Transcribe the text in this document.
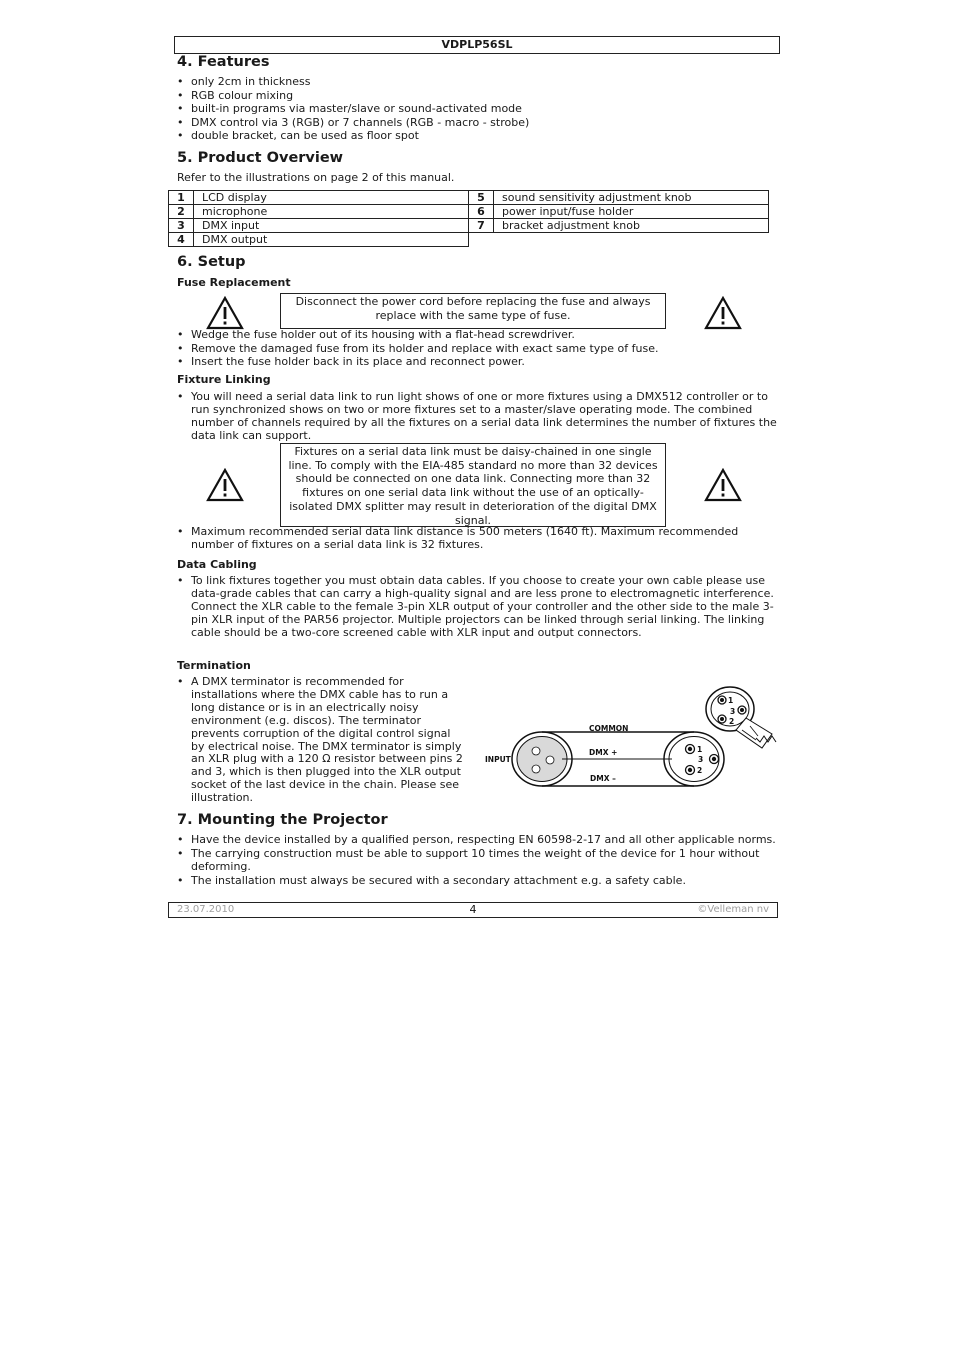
VDPLP56SL
4. Features
• only 2cm in thickness
• RGB colour mixing
• built-in programs via master/slave or sound-activated mode
• DMX control via 3 (RGB) or 7 channels (RGB - macro - strobe)
• double bracket, can be used as floor spot
5. Product Overview
Refer to the illustrations on page 2 of this manual.
1	LCD display	5	sound sensitivity adjustment knob
2	microphone	6	power input/fuse holder
3	DMX input	7	bracket adjustment knob
4	DMX output		
6. Setup
Fuse Replacement
Disconnect the power cord before replacing the fuse and always replace with the same type of fuse.
• Wedge the fuse holder out of its housing with a flat-head screwdriver.
• Remove the damaged fuse from its holder and replace with exact same type of fuse.
• Insert the fuse holder back in its place and reconnect power.
Fixture Linking
• You will need a serial data link to run light shows of one or more fixtures using a DMX512 controller or to run synchronized shows on two or more fixtures set to a master/slave operating mode. The combined number of channels required by all the fixtures on a serial data link determines the number of fixtures the data link can support.
Fixtures on a serial data link must be daisy-chained in one single line. To comply with the EIA-485 standard no more than 32 devices should be connected on one data link. Connecting more than 32 fixtures on one serial data link without the use of an optically-isolated DMX splitter may result in deterioration of the digital DMX signal.
• Maximum recommended serial data link distance is 500 meters (1640 ft). Maximum recommended number of fixtures on a serial data link is 32 fixtures.
Data Cabling
• To link fixtures together you must obtain data cables. If you choose to create your own cable please use data-grade cables that can carry a high-quality signal and are less prone to electromagnetic interference. Connect the XLR cable to the female 3-pin XLR output of your controller and the other side to the male 3-pin XLR input of the PAR56 projector. Multiple projectors can be linked through serial linking. The linking cable should be a two-core screened cable with XLR input and output connectors.
Termination
• A DMX terminator is recommended for installations where the DMX cable has to run a long distance or is in an electrically noisy environment (e.g. discos). The terminator prevents corruption of the digital control signal by electrical noise. The DMX terminator is simply an XLR plug with a 120 Ω resistor between pins 2 and 3, which is then plugged into the XLR output socket of the last device in the chain. Please see illustration.
INPUT
COMMON
DMX +
DMX –
1
2
3
1
2
3
7. Mounting the Projector
• Have the device installed by a qualified person, respecting EN 60598-2-17 and all other applicable norms.
• The carrying construction must be able to support 10 times the weight of the device for 1 hour without deforming.
• The installation must always be secured with a secondary attachment e.g. a safety cable.
23.07.2010	4	©Velleman nv
